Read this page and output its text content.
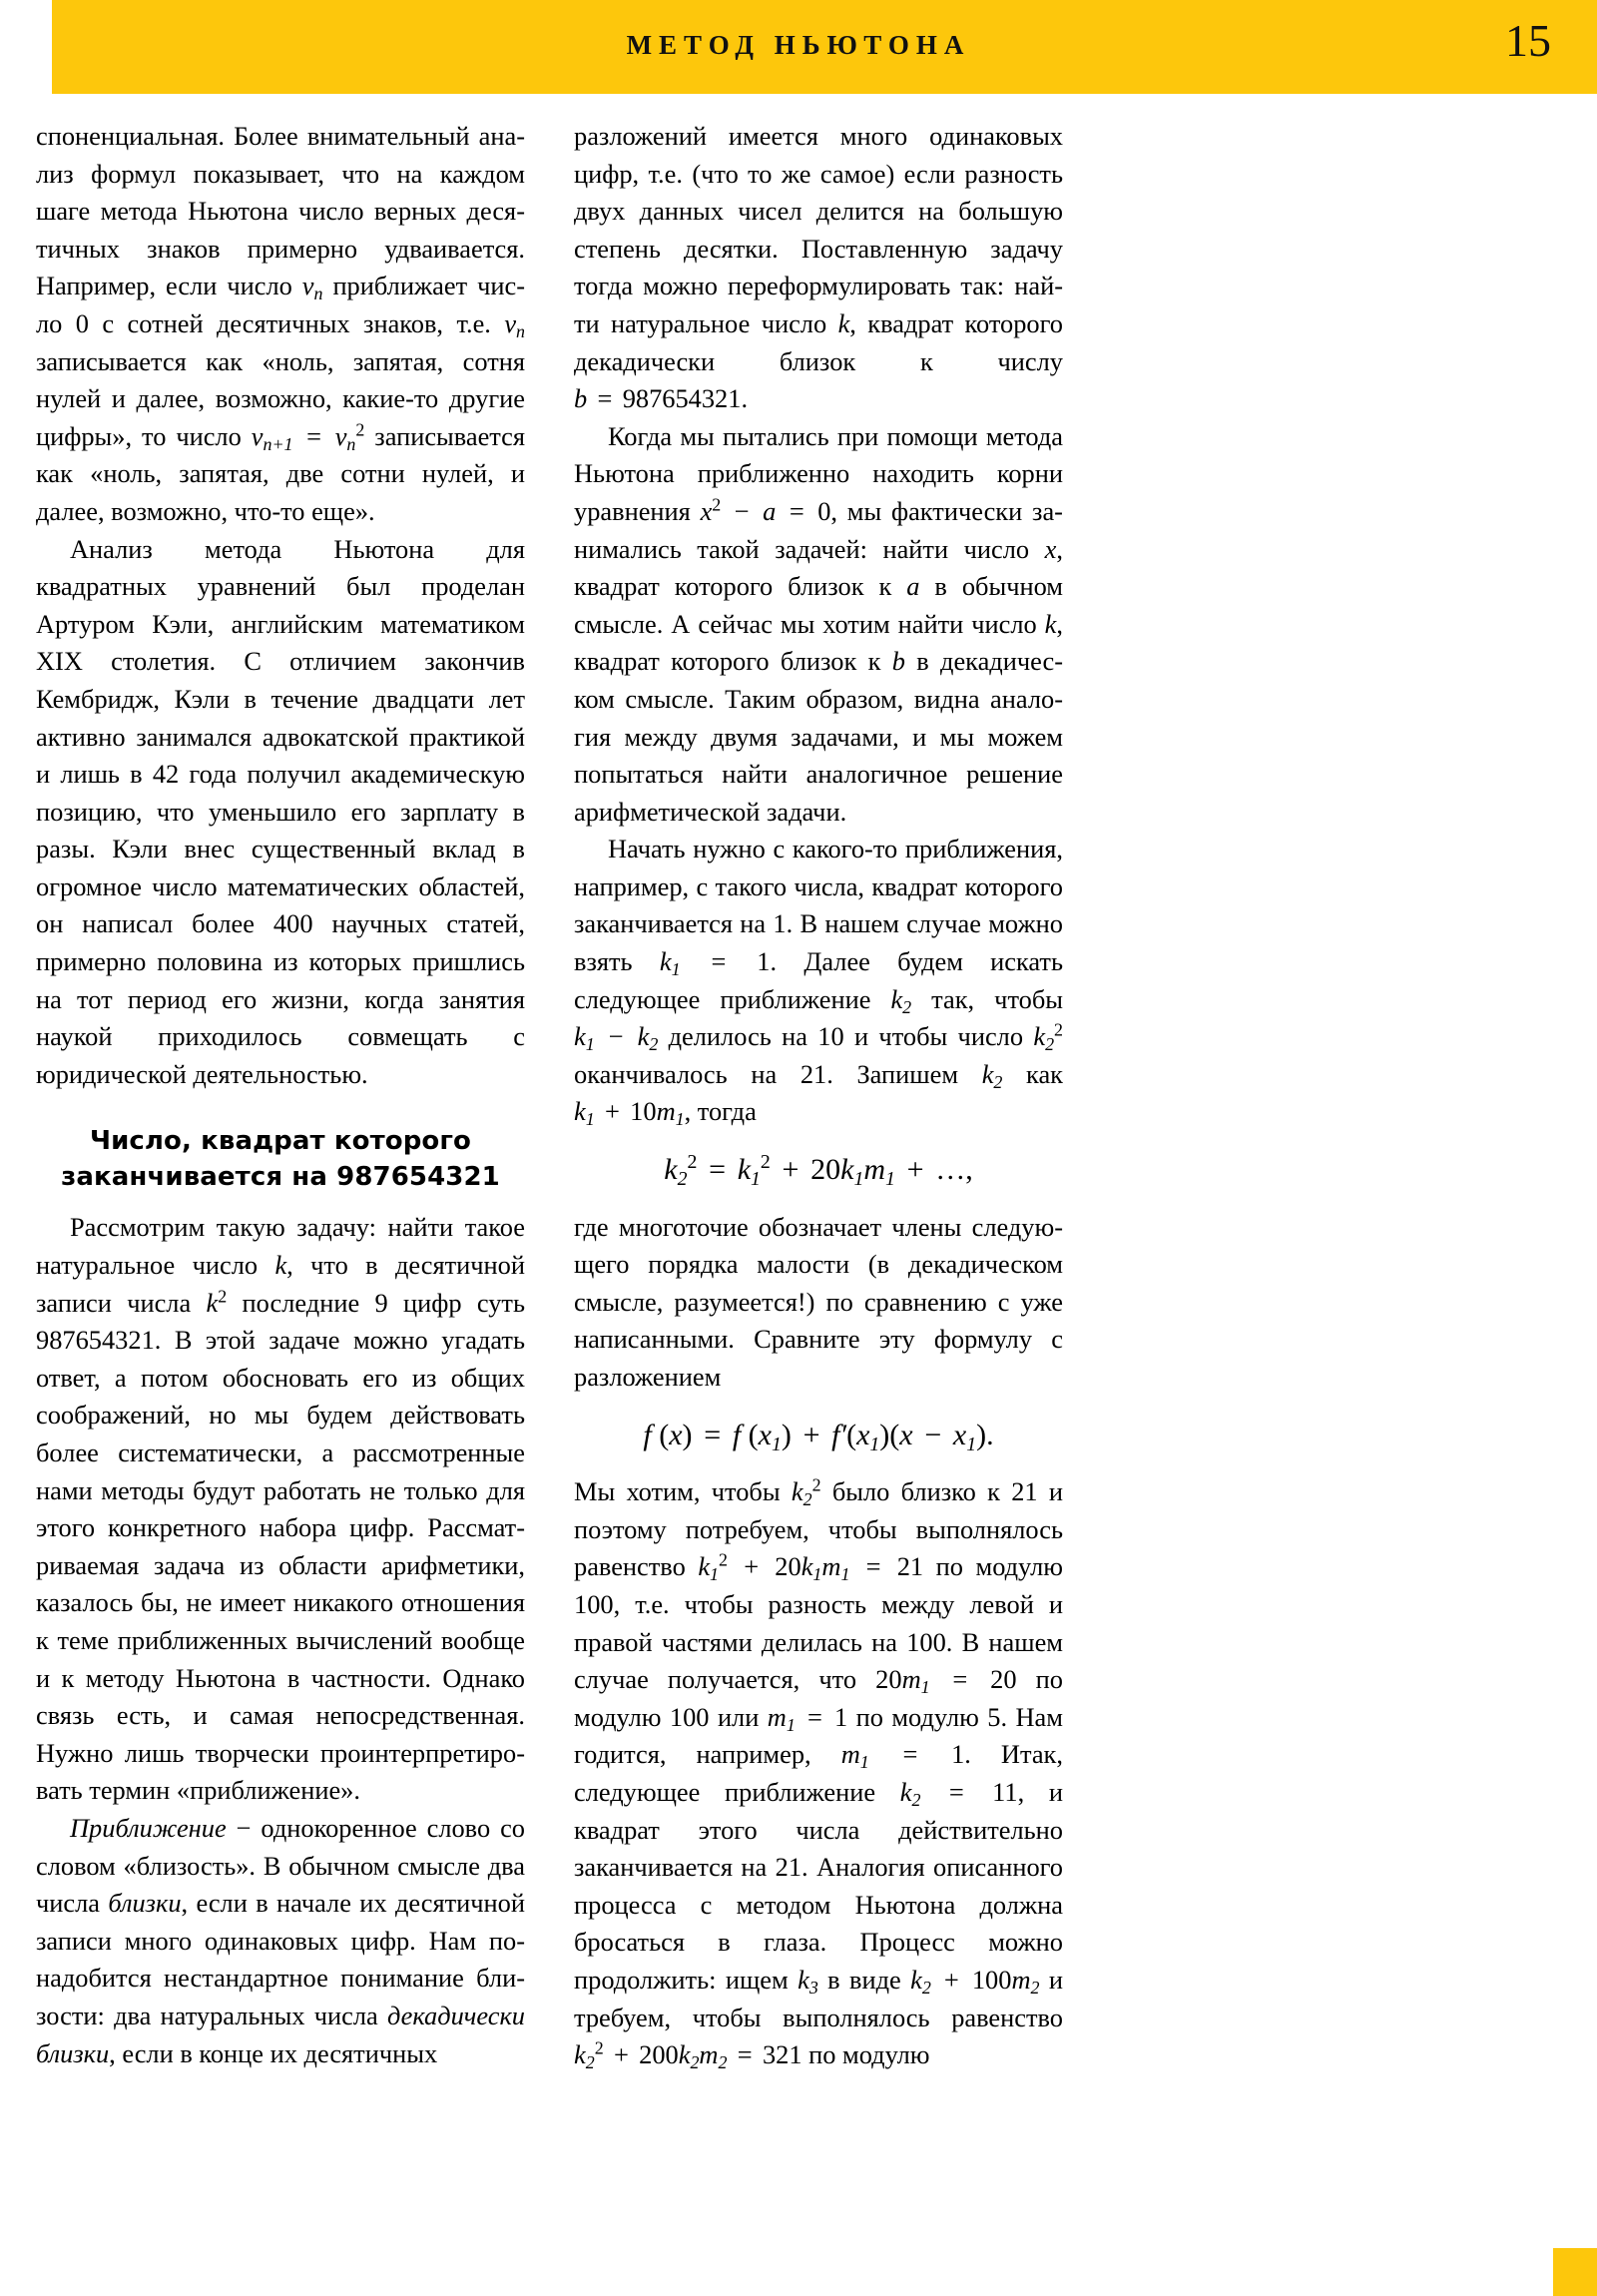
МЕТОД НЬЮТОНА	15

споненциальная. Более внимательный анализ формул показывает, что на каждом шаге метода Ньютона число верных десятичных знаков примерно удваивается. Например, если число $v_n$ приближает число 0 с сотней десятичных знаков, т.е. $v_n$ записывается как «ноль, запятая, сотня нулей и далее, возможно, какие-то другие цифры», то число $v_{n+1} = v_n^2$ записывается как «ноль, запятая, две сотни нулей, и далее, возможно, что-то еще».

Анализ метода Ньютона для квадратных уравнений был проделан Артуром Кэли, английским математиком XIX столетия. С отличием закончив Кембридж, Кэли в течение двадцати лет активно занимался адвокатской практикой и лишь в 42 года получил академическую позицию, что уменьшило его зарплату в разы. Кэли внес существенный вклад в огромное число математических областей, он написал более 400 научных статей, примерно половина из которых пришлись на тот период его жизни, когда занятия наукой приходилось совмещать с юридической деятельностью.

Число, квадрат которого
заканчивается на 987654321

Рассмотрим такую задачу: найти такое натуральное число k, что в десятичной записи числа $k^2$ последние 9 цифр суть 987654321. В этой задаче можно угадать ответ, а потом обосновать его из общих соображений, но мы будем действовать более систематически, а рассмотренные нами методы будут работать не только для этого конкретного набора цифр. Рассматриваемая задача из области арифметики, казалось бы, не имеет никакого отношения к теме приближенных вычислений вообще и к методу Ньютона в частности. Однако связь есть, и самая непосредственная. Нужно лишь творчески проинтерпретировать термин «приближение».

Приближение − однокоренное слово со словом «близость». В обычном смысле два числа близки, если в начале их десятичной записи много одинаковых цифр. Нам понадобится нестандартное понимание близости: два натуральных числа декадически близки, если в конце их десятичных

разложений имеется много одинаковых цифр, т.е. (что то же самое) если разность двух данных чисел делится на большую степень десятки. Поставленную задачу тогда можно переформулировать так: найти натуральное число k, квадрат которого декадически близок к числу b = 987654321.

Когда мы пытались при помощи метода Ньютона приближенно находить корни уравнения $x^2 - a = 0$, мы фактически занимались такой задачей: найти число x, квадрат которого близок к a в обычном смысле. А сейчас мы хотим найти число k, квадрат которого близок к b в декадическом смысле. Таким образом, видна аналогия между двумя задачами, и мы можем попытаться найти аналогичное решение арифметической задачи.

Начать нужно с какого-то приближения, например, с такого числа, квадрат которого заканчивается на 1. В нашем случае можно взять $k_1 = 1$. Далее будем искать следующее приближение $k_2$ так, чтобы $k_1 - k_2$ делилось на 10 и чтобы число $k_2^2$ оканчивалось на 21. Запишем $k_2$ как $k_1 + 10m_1$, тогда

$k_2^2 = k_1^2 + 20k_1m_1$ + …,

где многоточие обозначает члены следующего порядка малости (в декадическом смысле, разумеется!) по сравнению с уже написанными. Сравните эту формулу с разложением

f (x) = f $(x_1) + f'(x_1)(x - x_1)$.

Мы хотим, чтобы $k_2^2$ было близко к 21 и поэтому потребуем, чтобы выполнялось равенство $k_1^2 + 20k_1m_1 = 21$ по модулю 100, т.е. чтобы разность между левой и правой частями делилась на 100. В нашем случае получается, что $20m_1 = 20$ по модулю 100 или $m_1 = 1$ по модулю 5. Нам годится, например, $m_1 = 1$. Итак, следующее приближение $k_2 = 11$, и квадрат этого числа действительно заканчивается на 21. Аналогия описанного процесса с методом Ньютона должна бросаться в глаза. Процесс можно продолжить: ищем $k_3$ в виде $k_2 + 100m_2$ и требуем, чтобы выполнялось равенство $k_2^2 + 200k_2m_2 = 321$ по модулю
